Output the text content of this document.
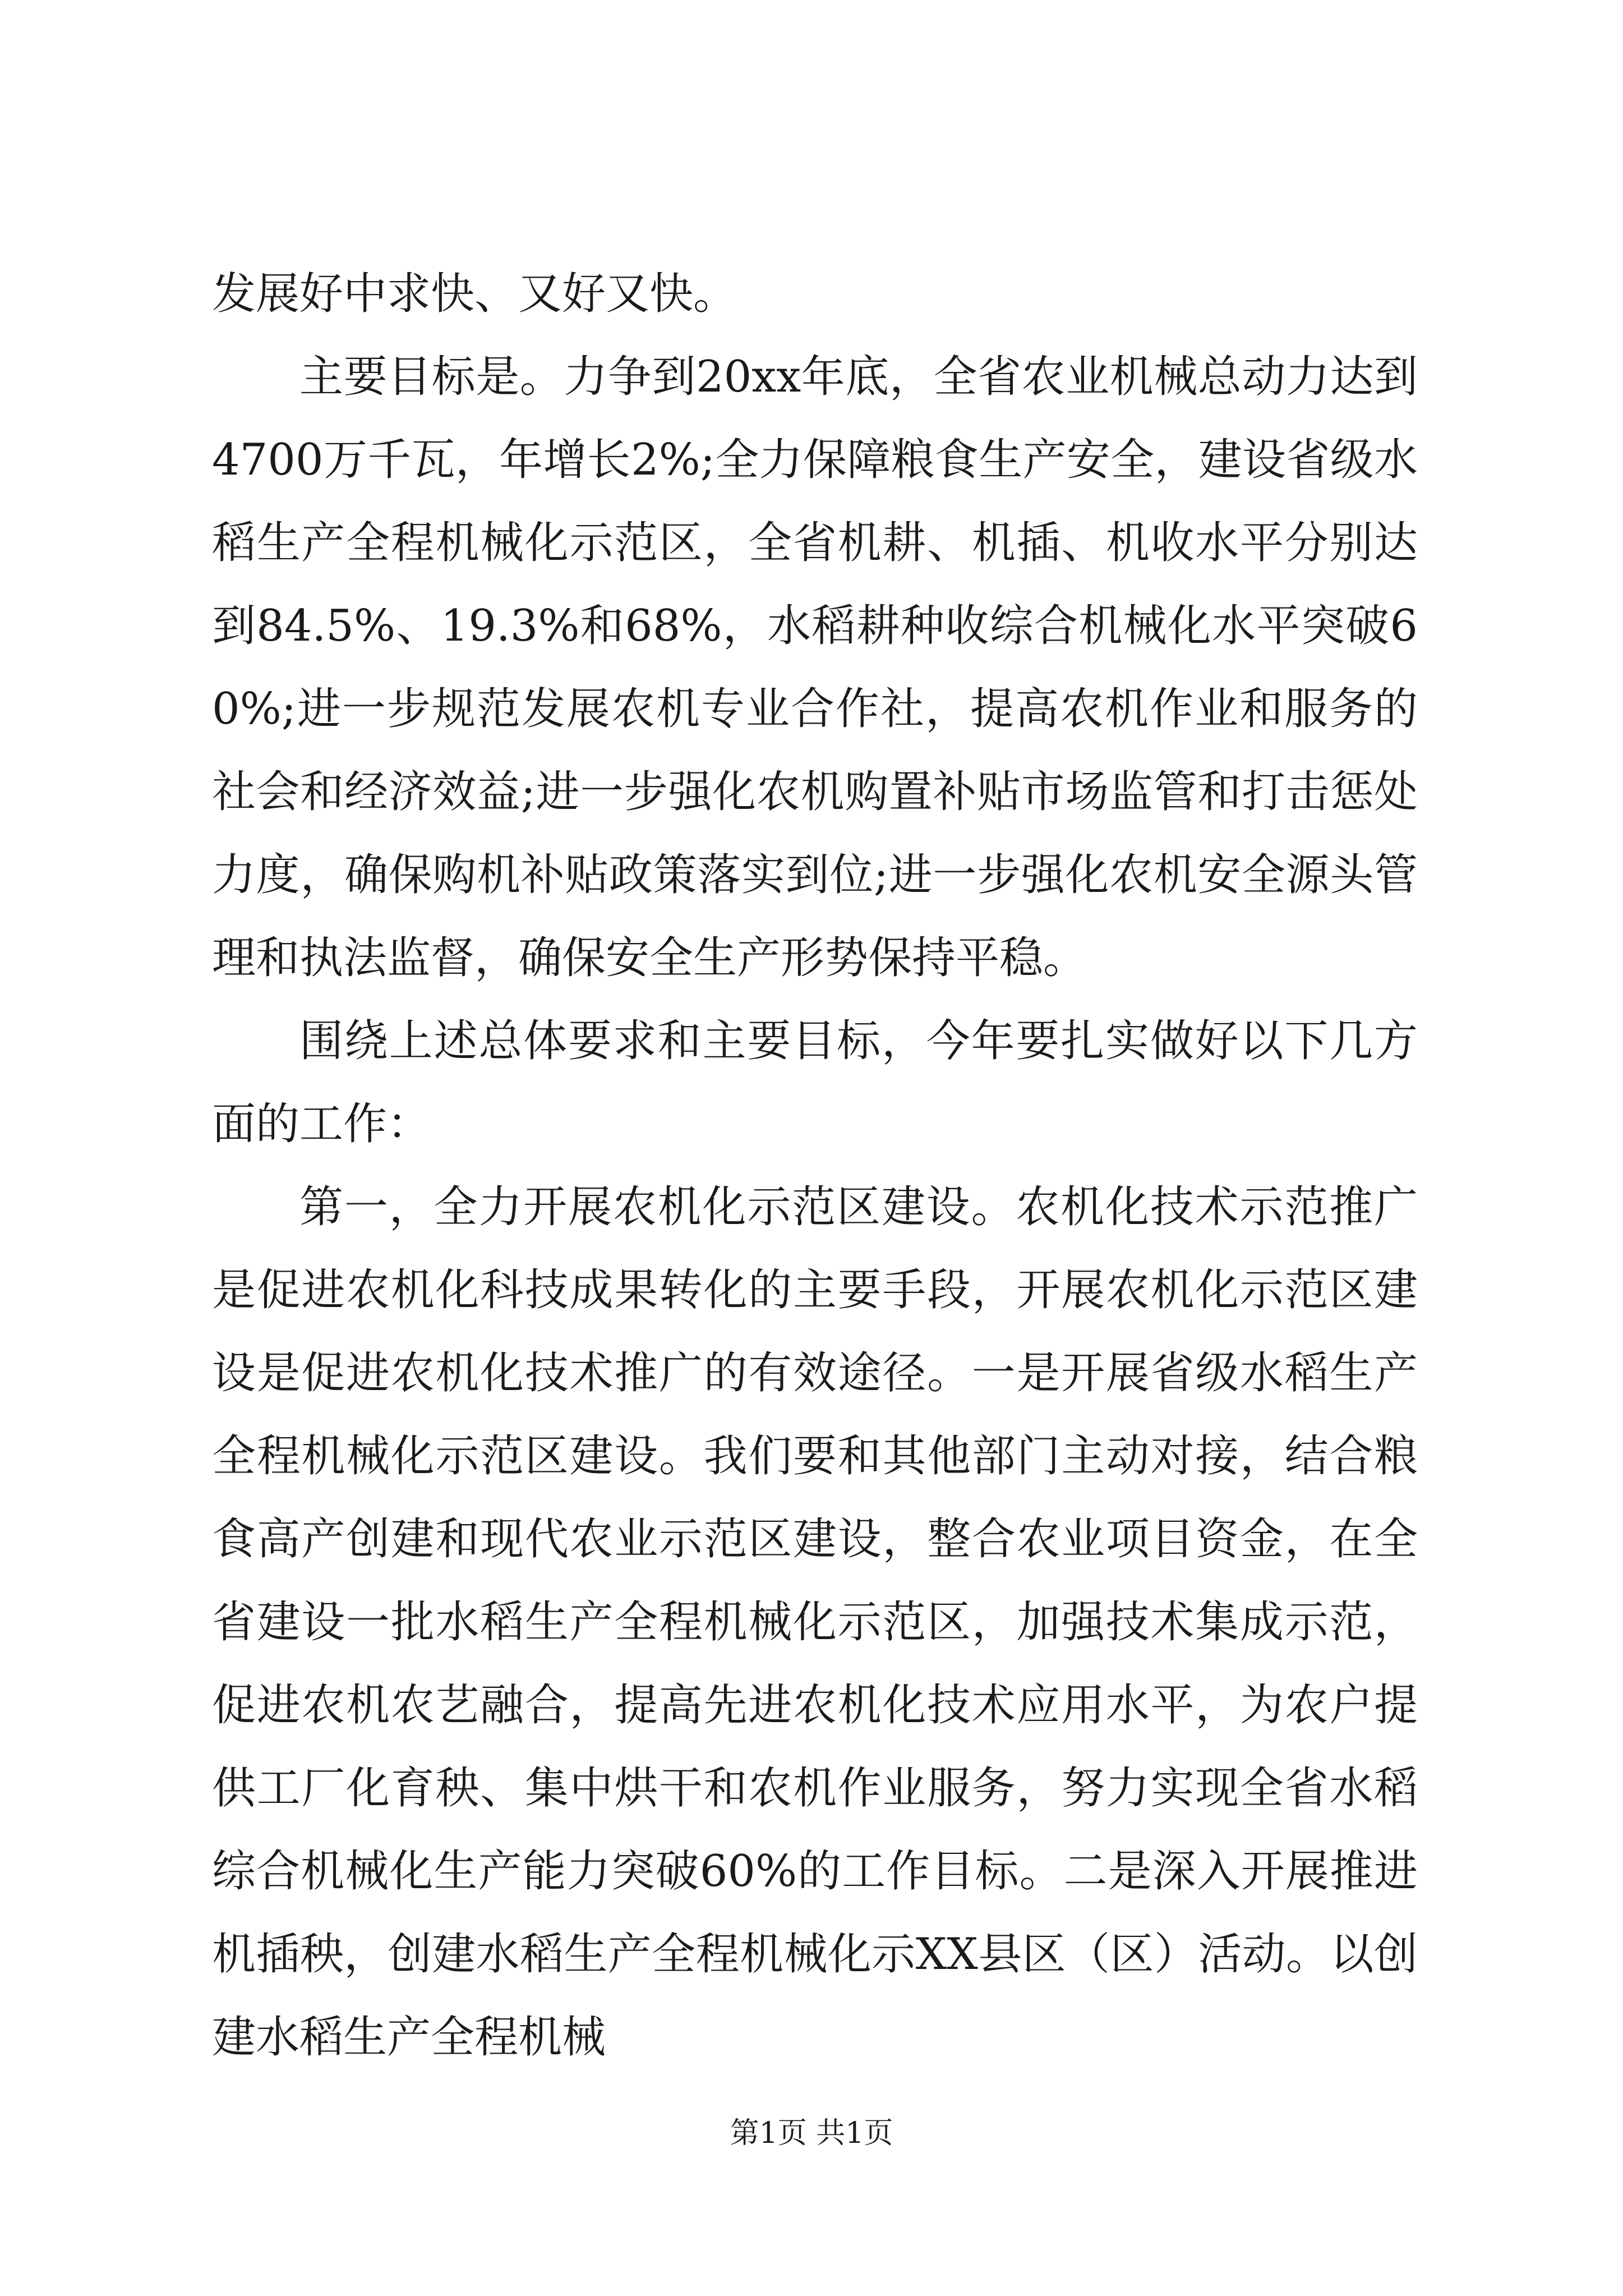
发展好中求快、又好又快。

主要目标是。力争到20xx年底，全省农业机械总动力达到4700万千瓦，年增长2%;全力保障粮食生产安全，建设省级水稻生产全程机械化示范区，全省机耕、机插、机收水平分别达到84.5%、19.3%和68%，水稻耕种收综合机械化水平突破60%;进一步规范发展农机专业合作社，提高农机作业和服务的社会和经济效益;进一步强化农机购置补贴市场监管和打击惩处力度，确保购机补贴政策落实到位;进一步强化农机安全源头管理和执法监督，确保安全生产形势保持平稳。

围绕上述总体要求和主要目标，今年要扎实做好以下几方面的工作：

第一，全力开展农机化示范区建设。农机化技术示范推广是促进农机化科技成果转化的主要手段，开展农机化示范区建设是促进农机化技术推广的有效途径。一是开展省级水稻生产全程机械化示范区建设。我们要和其他部门主动对接，结合粮食高产创建和现代农业示范区建设，整合农业项目资金，在全省建设一批水稻生产全程机械化示范区，加强技术集成示范，促进农机农艺融合，提高先进农机化技术应用水平，为农户提供工厂化育秧、集中烘干和农机作业服务，努力实现全省水稻综合机械化生产能力突破60%的工作目标。二是深入开展推进机插秧，创建水稻生产全程机械化示XX县区（区）活动。以创建水稻生产全程机械

第1页 共1页
